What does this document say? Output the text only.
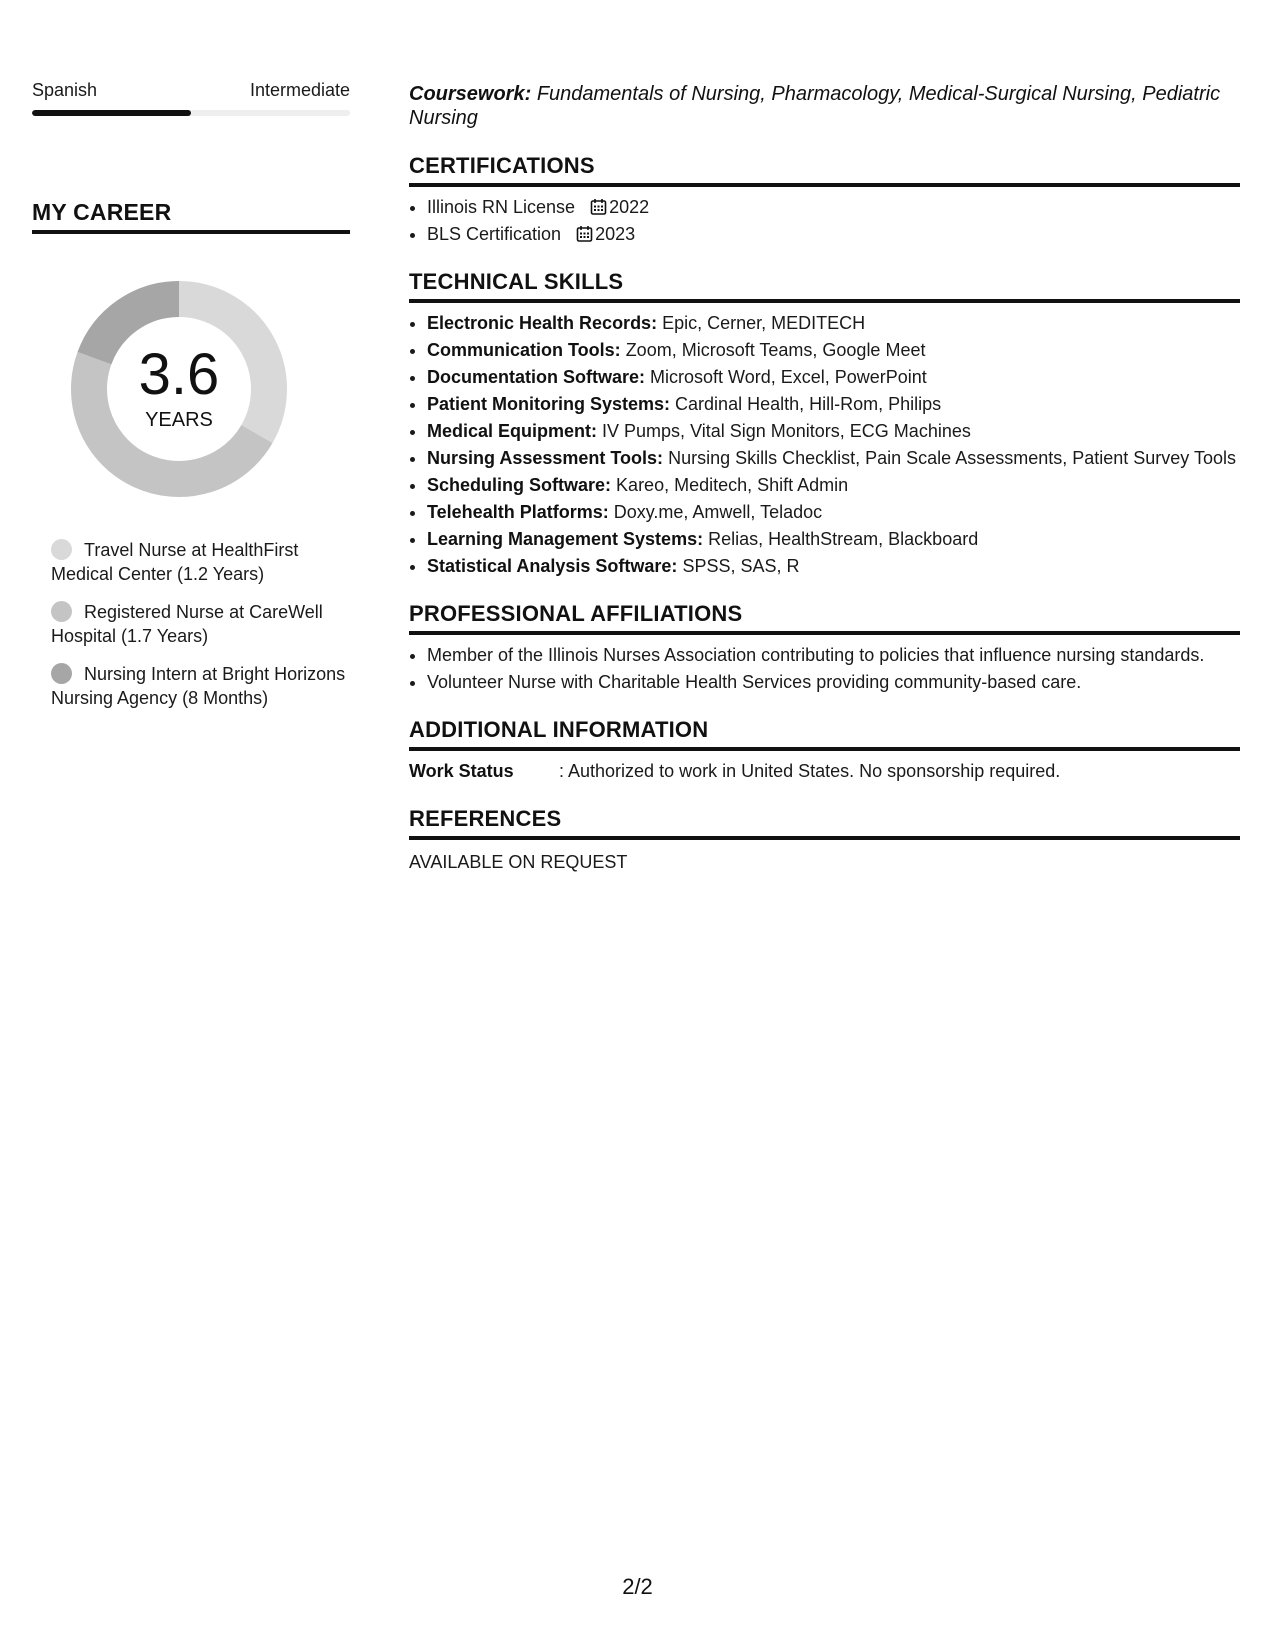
Spanish	Intermediate
MY CAREER
3.6
YEARS
Travel Nurse at HealthFirst Medical Center (1.2 Years)
Registered Nurse at CareWell Hospital (1.7 Years)
Nursing Intern at Bright Horizons Nursing Agency (8 Months)
Coursework: Fundamentals of Nursing, Pharmacology, Medical-Surgical Nursing, Pediatric Nursing
CERTIFICATIONS
• Illinois RN License 2022
• BLS Certification 2023
TECHNICAL SKILLS
• Electronic Health Records: Epic, Cerner, MEDITECH
• Communication Tools: Zoom, Microsoft Teams, Google Meet
• Documentation Software: Microsoft Word, Excel, PowerPoint
• Patient Monitoring Systems: Cardinal Health, Hill-Rom, Philips
• Medical Equipment: IV Pumps, Vital Sign Monitors, ECG Machines
• Nursing Assessment Tools: Nursing Skills Checklist, Pain Scale Assessments, Patient Survey Tools
• Scheduling Software: Kareo, Meditech, Shift Admin
• Telehealth Platforms: Doxy.me, Amwell, Teladoc
• Learning Management Systems: Relias, HealthStream, Blackboard
• Statistical Analysis Software: SPSS, SAS, R
PROFESSIONAL AFFILIATIONS
• Member of the Illinois Nurses Association contributing to policies that influence nursing standards.
• Volunteer Nurse with Charitable Health Services providing community-based care.
ADDITIONAL INFORMATION
Work Status	: Authorized to work in United States. No sponsorship required.
REFERENCES
AVAILABLE ON REQUEST
2/2
